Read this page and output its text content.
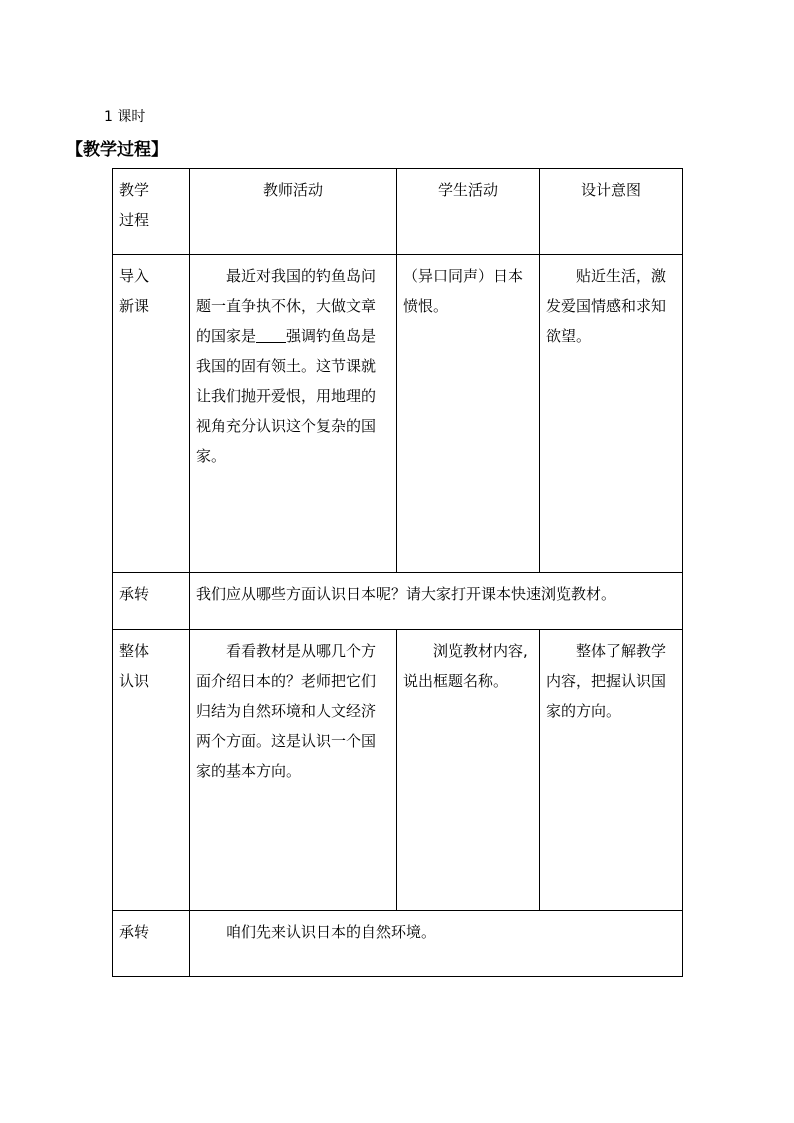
1 课时
【教学过程】
教学
过程	教师活动	学生活动	设计意图
导入
新课	最近对我国的钓鱼岛问题一直争执不休，大做文章的国家是 强调钓鱼岛是我国的固有领土。这节课就让我们抛开爱恨，用地理的视角充分认识这个复杂的国家。	（异口同声）日本愤恨。	贴近生活，激发爱国情感和求知欲望。
承转	我们应从哪些方面认识日本呢？请大家打开课本快速浏览教材。		
整体
认识	看看教材是从哪几个方面介绍日本的？老师把它们归结为自然环境和人文经济两个方面。这是认识一个国家的基本方向。	浏览教材内容,说出框题名称。	整体了解教学内容，把握认识国家的方向。
承转	咱们先来认识日本的自然环境。		
